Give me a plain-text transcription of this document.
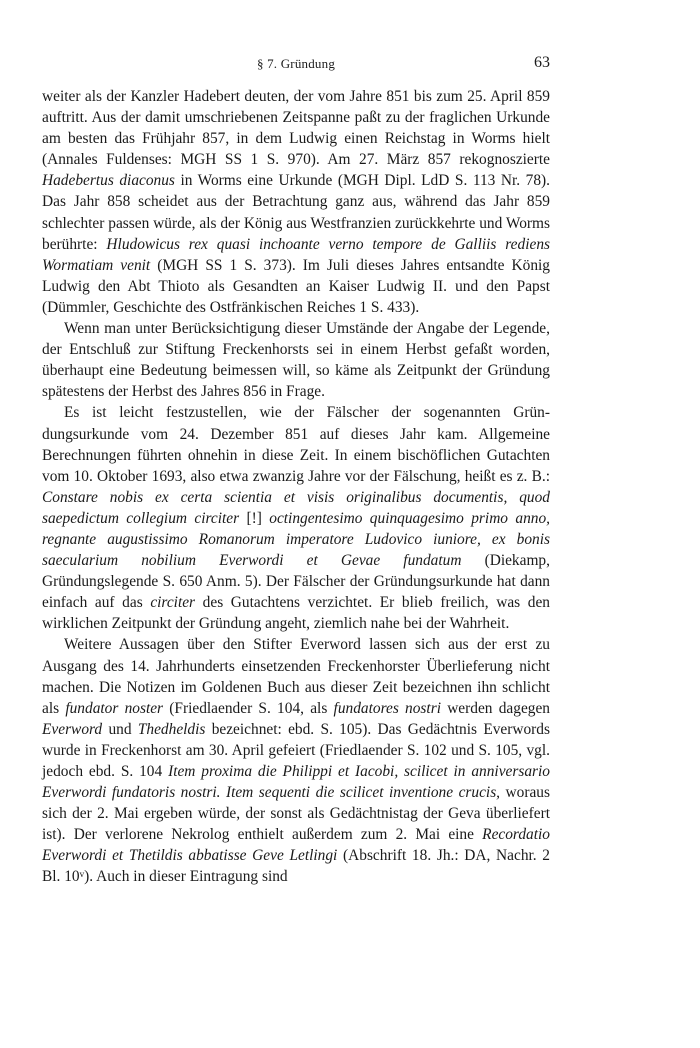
§ 7. Gründung	63

weiter als der Kanzler Hadebert deuten, der vom Jahre 851 bis zum 25. April 859 auftritt. Aus der damit umschriebenen Zeitspanne paßt zu der fraglichen Urkunde am besten das Frühjahr 857, in dem Ludwig einen Reichstag in Worms hielt (Annales Fuldenses: MGH SS 1 S. 970). Am 27. März 857 rekognoszierte Hadebertus diaconus in Worms eine Urkunde (MGH Dipl. LdD S. 113 Nr. 78). Das Jahr 858 scheidet aus der Betrachtung ganz aus, während das Jahr 859 schlechter passen würde, als der König aus Westfranzien zurückkehrte und Worms berührte: Hludowicus rex quasi inchoante verno tempore de Galliis rediens Wormatiam venit (MGH SS 1 S. 373). Im Juli dieses Jahres entsandte König Ludwig den Abt Thioto als Gesandten an Kaiser Ludwig II. und den Papst (Dümmler, Geschichte des Ostfränkischen Reiches 1 S. 433).

Wenn man unter Berücksichtigung dieser Umstände der Angabe der Legende, der Entschluß zur Stiftung Freckenhorsts sei in einem Herbst gefaßt worden, überhaupt eine Bedeutung beimessen will, so käme als Zeitpunkt der Gründung spätestens der Herbst des Jahres 856 in Frage.

Es ist leicht festzustellen, wie der Fälscher der sogenannten Gründungsurkunde vom 24. Dezember 851 auf dieses Jahr kam. Allgemeine Berechnungen führten ohnehin in diese Zeit. In einem bischöflichen Gutachten vom 10. Oktober 1693, also etwa zwanzig Jahre vor der Fälschung, heißt es z. B.: Constare nobis ex certa scientia et visis originalibus documentis, quod saepedictum collegium circiter [!] octingentesimo quinquagesimo primo anno, regnante augustissimo Romanorum imperatore Ludovico iuniore, ex bonis saecularium nobilium Everwordi et Gevae fundatum (Diekamp, Gründungslegende S. 650 Anm. 5). Der Fälscher der Gründungsurkunde hat dann einfach auf das circiter des Gutachtens verzichtet. Er blieb freilich, was den wirklichen Zeitpunkt der Gründung angeht, ziemlich nahe bei der Wahrheit.

Weitere Aussagen über den Stifter Everword lassen sich aus der erst zu Ausgang des 14. Jahrhunderts einsetzenden Freckenhorster Überlieferung nicht machen. Die Notizen im Goldenen Buch aus dieser Zeit bezeichnen ihn schlicht als fundator noster (Friedlaender S. 104, als fundatores nostri werden dagegen Everword und Thedheldis bezeichnet: ebd. S. 105). Das Gedächtnis Everwords wurde in Freckenhorst am 30. April gefeiert (Friedlaender S. 102 und S. 105, vgl. jedoch ebd. S. 104 Item proxima die Philippi et Iacobi, scilicet in anniversario Everwordi fundatoris nostri. Item sequenti die scilicet inventione crucis, woraus sich der 2. Mai ergeben würde, der sonst als Gedächtnistag der Geva überliefert ist). Der verlorene Nekrolog enthielt außerdem zum 2. Mai eine Recordatio Everwordi et Thetildis abbatisse Geve Letlingi (Abschrift 18. Jh.: DA, Nachr. 2 Bl. 10ᵛ). Auch in dieser Eintragung sind
